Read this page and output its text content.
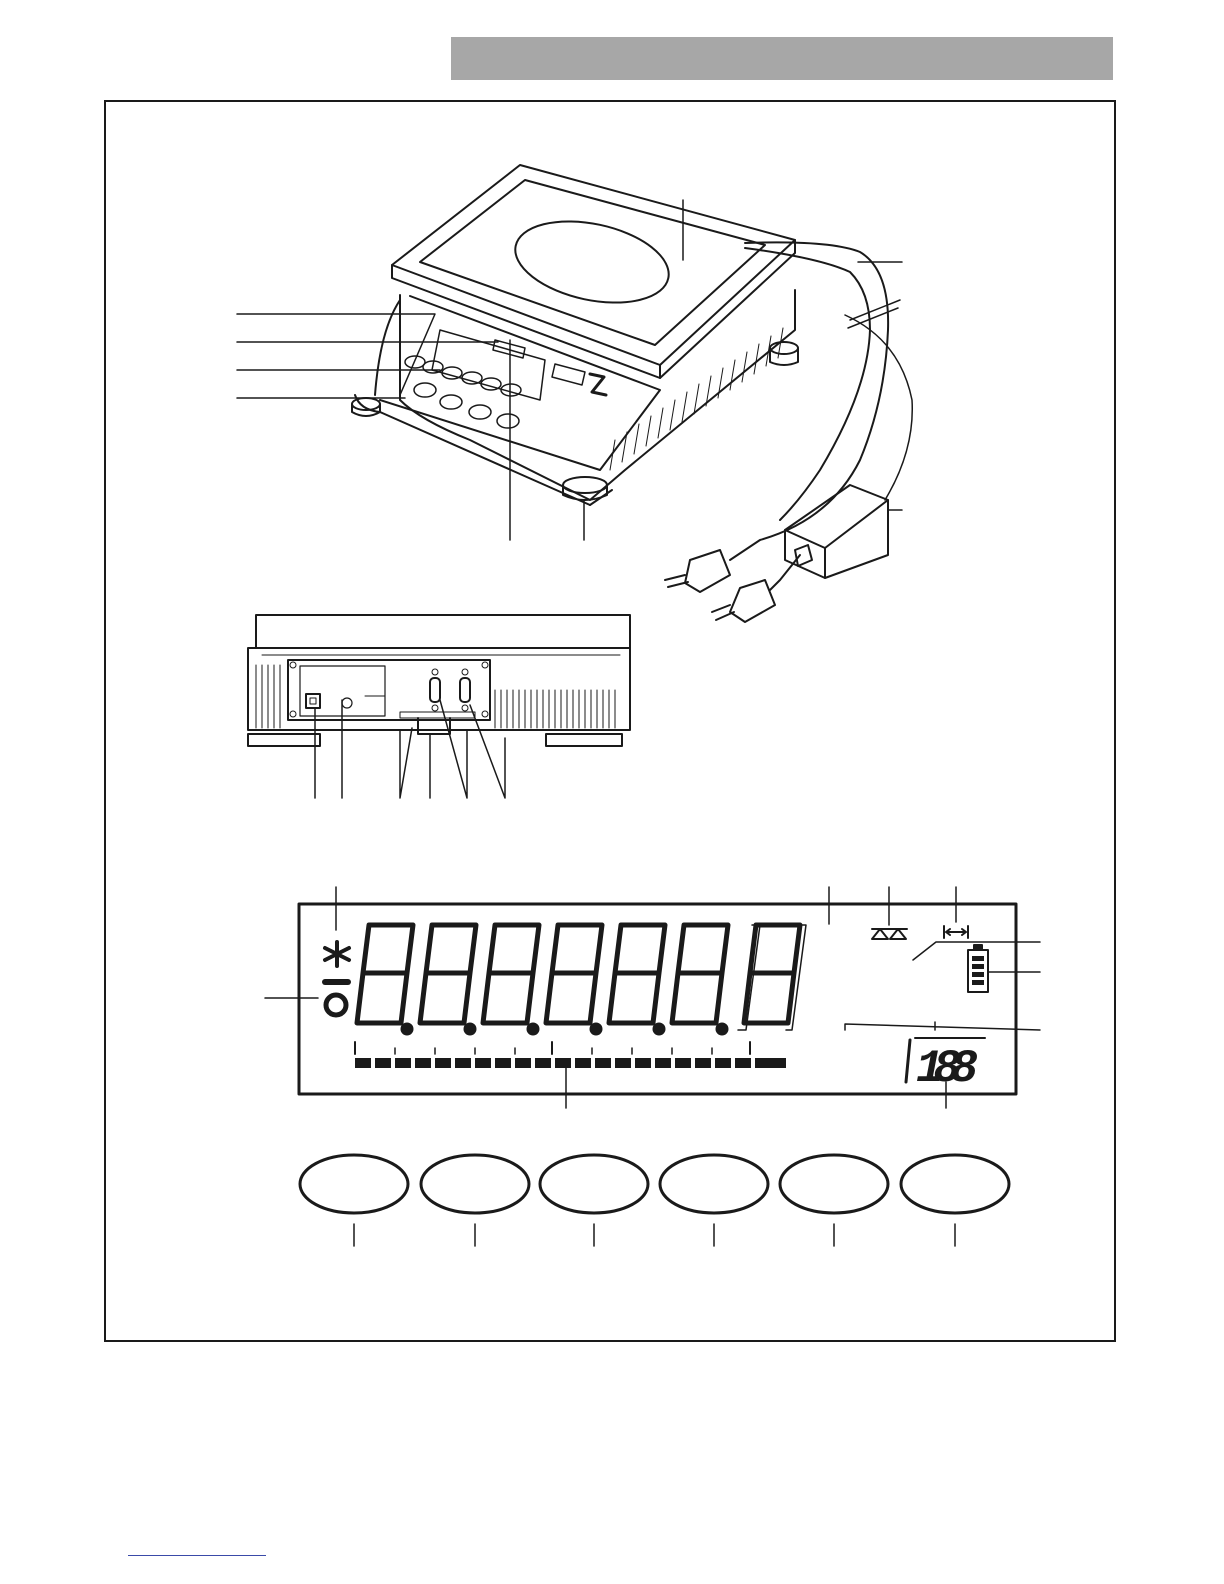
188
